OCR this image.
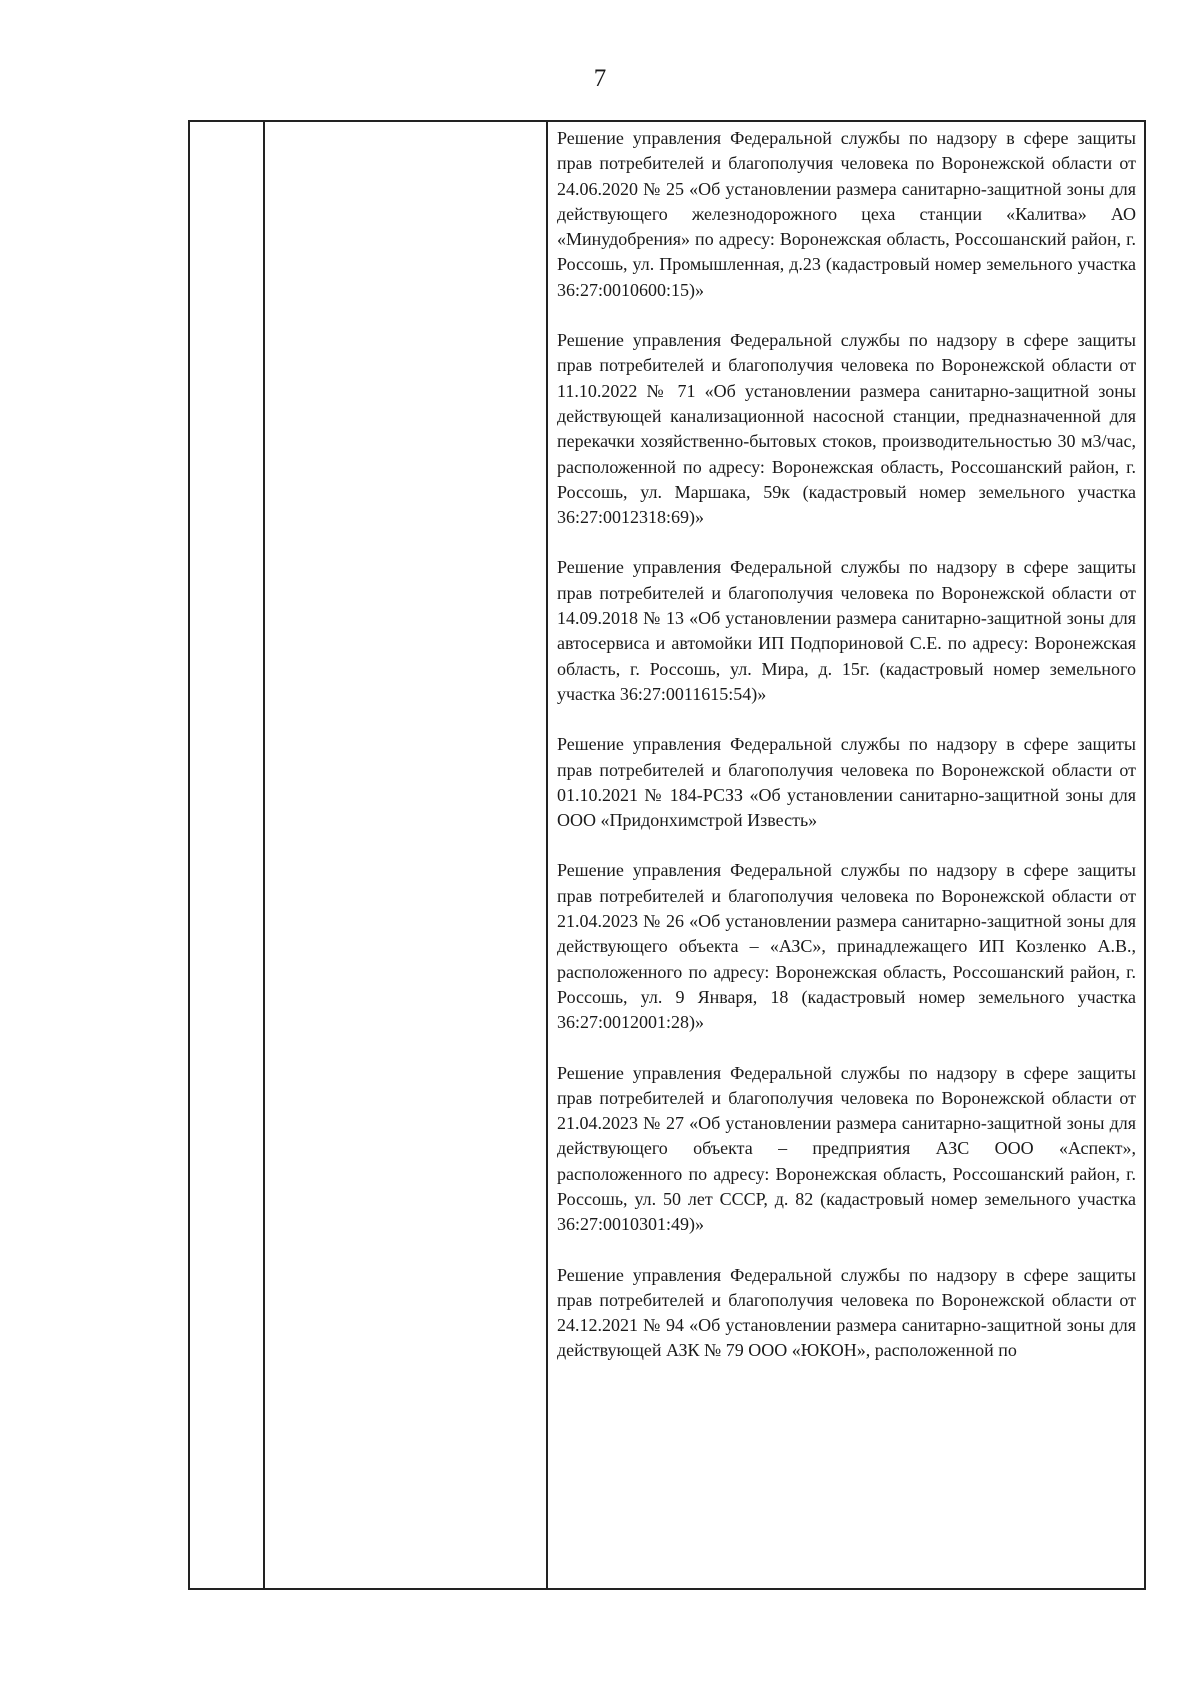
7

Решение управления Федеральной службы по надзору в сфере защиты прав потребителей и благополучия человека по Воронежской области от 24.06.2020 № 25 «Об установлении размера санитарно-защитной зоны для действующего железнодорожного цеха станции «Калитва» АО «Минудобрения» по адресу: Воронежская область, Россошанский район, г. Россошь, ул. Промышленная, д.23 (кадастровый номер земельного участка 36:27:0010600:15)»

Решение управления Федеральной службы по надзору в сфере защиты прав потребителей и благополучия человека по Воронежской области от 11.10.2022 № 71 «Об установлении размера санитарно-защитной зоны действующей канализационной насосной станции, предназначенной для перекачки хозяйственно-бытовых стоков, производительностью 30 м3/час, расположенной по адресу: Воронежская область, Россошанский район, г. Россошь, ул. Маршака, 59к (кадастровый номер земельного участка 36:27:0012318:69)»

Решение управления Федеральной службы по надзору в сфере защиты прав потребителей и благополучия человека по Воронежской области от 14.09.2018 № 13 «Об установлении размера санитарно-защитной зоны для автосервиса и автомойки ИП Подпориновой С.Е. по адресу: Воронежская область, г. Россошь, ул. Мира, д. 15г. (кадастровый номер земельного участка 36:27:0011615:54)»

Решение управления Федеральной службы по надзору в сфере защиты прав потребителей и благополучия человека по Воронежской области от 01.10.2021 № 184-РСЗЗ «Об установлении санитарно-защитной зоны для ООО «Придонхимстрой Известь»

Решение управления Федеральной службы по надзору в сфере защиты прав потребителей и благополучия человека по Воронежской области от 21.04.2023 № 26 «Об установлении размера санитарно-защитной зоны для действующего объекта – «АЗС», принадлежащего ИП Козленко А.В., расположенного по адресу: Воронежская область, Россошанский район, г. Россошь, ул. 9 Января, 18 (кадастровый номер земельного участка 36:27:0012001:28)»

Решение управления Федеральной службы по надзору в сфере защиты прав потребителей и благополучия человека по Воронежской области от 21.04.2023 № 27 «Об установлении размера санитарно-защитной зоны для действующего объекта – предприятия АЗС ООО «Аспект», расположенного по адресу: Воронежская область, Россошанский район, г. Россошь, ул. 50 лет СССР, д. 82 (кадастровый номер земельного участка 36:27:0010301:49)»

Решение управления Федеральной службы по надзору в сфере защиты прав потребителей и благополучия человека по Воронежской области от 24.12.2021 № 94 «Об установлении размера санитарно-защитной зоны для действующей АЗК № 79 ООО «ЮКОН», расположенной по
